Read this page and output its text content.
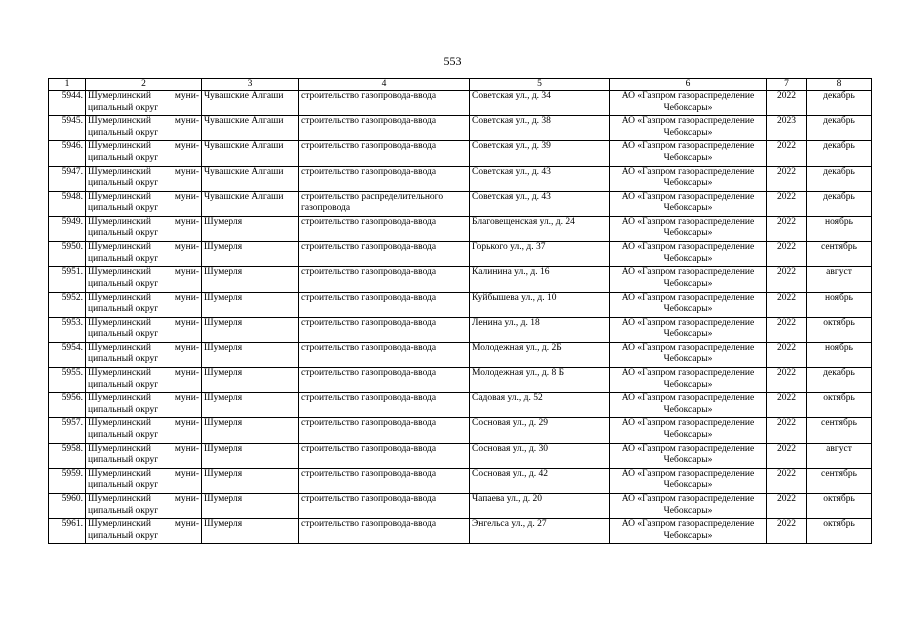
553
1	2	3	4	5	6	7	8
5944.	Шумерлинский муни-ципальный округ	Чувашские Алгаши	строительство газопровода-ввода	Советская ул., д. 34	АО «Газпром газораспределение Чебоксары»	2022	декабрь
5945.	Шумерлинский муни-ципальный округ	Чувашские Алгаши	строительство газопровода-ввода	Советская ул., д. 38	АО «Газпром газораспределение Чебоксары»	2023	декабрь
5946.	Шумерлинский муни-ципальный округ	Чувашские Алгаши	строительство газопровода-ввода	Советская ул., д. 39	АО «Газпром газораспределение Чебоксары»	2022	декабрь
5947.	Шумерлинский муни-ципальный округ	Чувашские Алгаши	строительство газопровода-ввода	Советская ул., д. 43	АО «Газпром газораспределение Чебоксары»	2022	декабрь
5948.	Шумерлинский муни-ципальный округ	Чувашские Алгаши	строительство распределительного газопровода	Советская ул., д. 43	АО «Газпром газораспределение Чебоксары»	2022	декабрь
5949.	Шумерлинский муни-ципальный округ	Шумерля	строительство газопровода-ввода	Благовещенская ул., д. 24	АО «Газпром газораспределение Чебоксары»	2022	ноябрь
5950.	Шумерлинский муни-ципальный округ	Шумерля	строительство газопровода-ввода	Горького ул., д. 37	АО «Газпром газораспределение Чебоксары»	2022	сентябрь
5951.	Шумерлинский муни-ципальный округ	Шумерля	строительство газопровода-ввода	Калинина ул., д. 16	АО «Газпром газораспределение Чебоксары»	2022	август
5952.	Шумерлинский муни-ципальный округ	Шумерля	строительство газопровода-ввода	Куйбышева ул., д. 10	АО «Газпром газораспределение Чебоксары»	2022	ноябрь
5953.	Шумерлинский муни-ципальный округ	Шумерля	строительство газопровода-ввода	Ленина ул., д. 18	АО «Газпром газораспределение Чебоксары»	2022	октябрь
5954.	Шумерлинский муни-ципальный округ	Шумерля	строительство газопровода-ввода	Молодежная ул., д. 2Б	АО «Газпром газораспределение Чебоксары»	2022	ноябрь
5955.	Шумерлинский муни-ципальный округ	Шумерля	строительство газопровода-ввода	Молодежная ул., д. 8 Б	АО «Газпром газораспределение Чебоксары»	2022	декабрь
5956.	Шумерлинский муни-ципальный округ	Шумерля	строительство газопровода-ввода	Садовая ул., д. 52	АО «Газпром газораспределение Чебоксары»	2022	октябрь
5957.	Шумерлинский муни-ципальный округ	Шумерля	строительство газопровода-ввода	Сосновая ул., д. 29	АО «Газпром газораспределение Чебоксары»	2022	сентябрь
5958.	Шумерлинский муни-ципальный округ	Шумерля	строительство газопровода-ввода	Сосновая ул., д. 30	АО «Газпром газораспределение Чебоксары»	2022	август
5959.	Шумерлинский муни-ципальный округ	Шумерля	строительство газопровода-ввода	Сосновая ул., д. 42	АО «Газпром газораспределение Чебоксары»	2022	сентябрь
5960.	Шумерлинский муни-ципальный округ	Шумерля	строительство газопровода-ввода	Чапаева ул., д. 20	АО «Газпром газораспределение Чебоксары»	2022	октябрь
5961.	Шумерлинский муни-ципальный округ	Шумерля	строительство газопровода-ввода	Энгельса ул., д. 27	АО «Газпром газораспределение Чебоксары»	2022	октябрь
